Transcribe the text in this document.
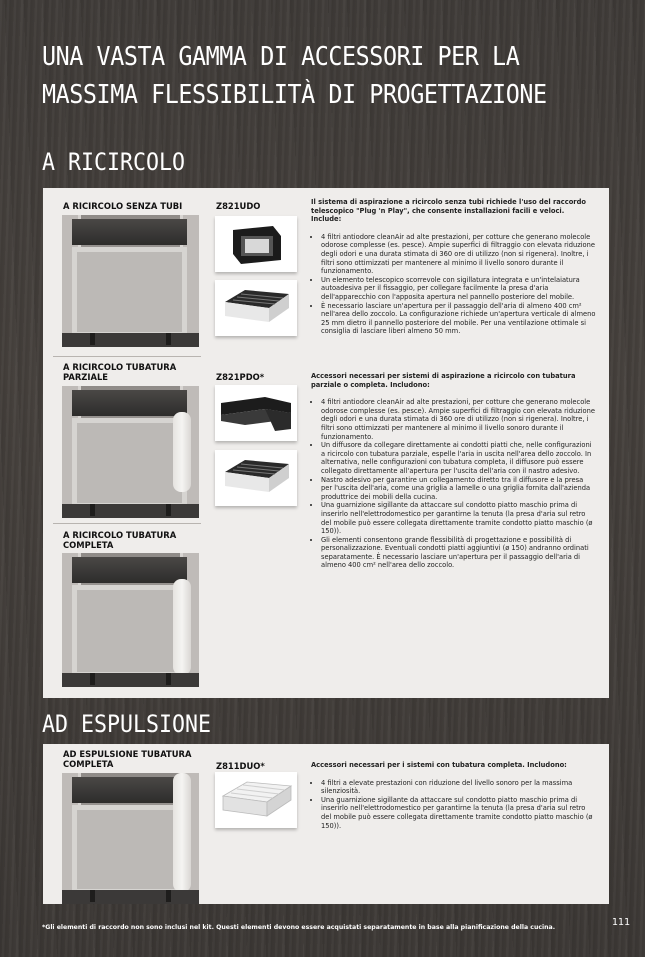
UNA VASTA GAMMA DI ACCESSORI PER LA MASSIMA FLESSIBILITÀ DI PROGETTAZIONE
A RICIRCOLO
A RICIRCOLO SENZA TUBI	Z821UDO	Il sistema di aspirazione a ricircolo senza tubi richiede l'uso del raccordo telescopico "Plug 'n Play", che consente installazioni facili e veloci. Include:

• 4 filtri antiodore cleanAir ad alte prestazioni, per cotture che generano molecole odorose complesse (es. pesce). Ampie superfici di filtraggio con elevata riduzione degli odori e una durata stimata di 360 ore di utilizzo (non si rigenera). Inoltre, i filtri sono ottimizzati per mantenere al minimo il livello sonoro durante il funzionamento.
• Un elemento telescopico scorrevole con sigillatura integrata e un'intelaiatura autoadesiva per il fissaggio, per collegare facilmente la presa d'aria dell'apparecchio con l'apposita apertura nel pannello posteriore del mobile.
• È necessario lasciare un'apertura per il passaggio dell'aria di almeno 400 cm² nell'area dello zoccolo. La configurazione richiede un'apertura verticale di almeno 25 mm dietro il pannello posteriore del mobile. Per una ventilazione ottimale si consiglia di lasciare liberi almeno 50 mm.
A RICIRCOLO TUBATURA PARZIALE	Z821PDO*	Accessori necessari per sistemi di aspirazione a ricircolo con tubatura parziale o completa. Includono:

• 4 filtri antiodore cleanAir ad alte prestazioni, per cotture che generano molecole odorose complesse (es. pesce). Ampie superfici di filtraggio con elevata riduzione degli odori e una durata stimata di 360 ore di utilizzo (non si rigenera). Inoltre, i filtri sono ottimizzati per mantenere al minimo il livello sonoro durante il funzionamento.
• Un diffusore da collegare direttamente ai condotti piatti che, nelle configurazioni a ricircolo con tubatura parziale, espelle l'aria in uscita nell'area dello zoccolo. In alternativa, nelle configurazioni con tubatura completa, il diffusore può essere collegato direttamente all'apertura per l'uscita dell'aria con il nastro adesivo.
• Nastro adesivo per garantire un collegamento diretto tra il diffusore e la presa per l'uscita dell'aria, come una griglia a lamelle o una griglia fornita dall'azienda produttrice dei mobili della cucina.
• Una guarnizione sigillante da attaccare sul condotto piatto maschio prima di inserirlo nell'elettrodomestico per garantirne la tenuta (la presa d'aria sul retro del mobile può essere collegata direttamente tramite condotto piatto maschio (ø 150)).
• Gli elementi consentono grande flessibilità di progettazione e possibilità di personalizzazione. Eventuali condotti piatti aggiuntivi (ø 150) andranno ordinati separatamente. È necessario lasciare un'apertura per il passaggio dell'aria di almeno 400 cm² nell'area dello zoccolo.
A RICIRCOLO TUBATURA COMPLETA
AD ESPULSIONE
AD ESPULSIONE TUBATURA COMPLETA	Z811DUO*	Accessori necessari per i sistemi con tubatura completa. Includono:

• 4 filtri a elevate prestazioni con riduzione del livello sonoro per la massima silenziosità.
• Una guarnizione sigillante da attaccare sul condotto piatto maschio prima di inserirlo nell'elettrodomestico per garantirne la tenuta (la presa d'aria sul retro del mobile può essere collegata direttamente tramite condotto piatto maschio (ø 150)).
*Gli elementi di raccordo non sono inclusi nel kit. Questi elementi devono essere acquistati separatamente in base alla pianificazione della cucina.	111
